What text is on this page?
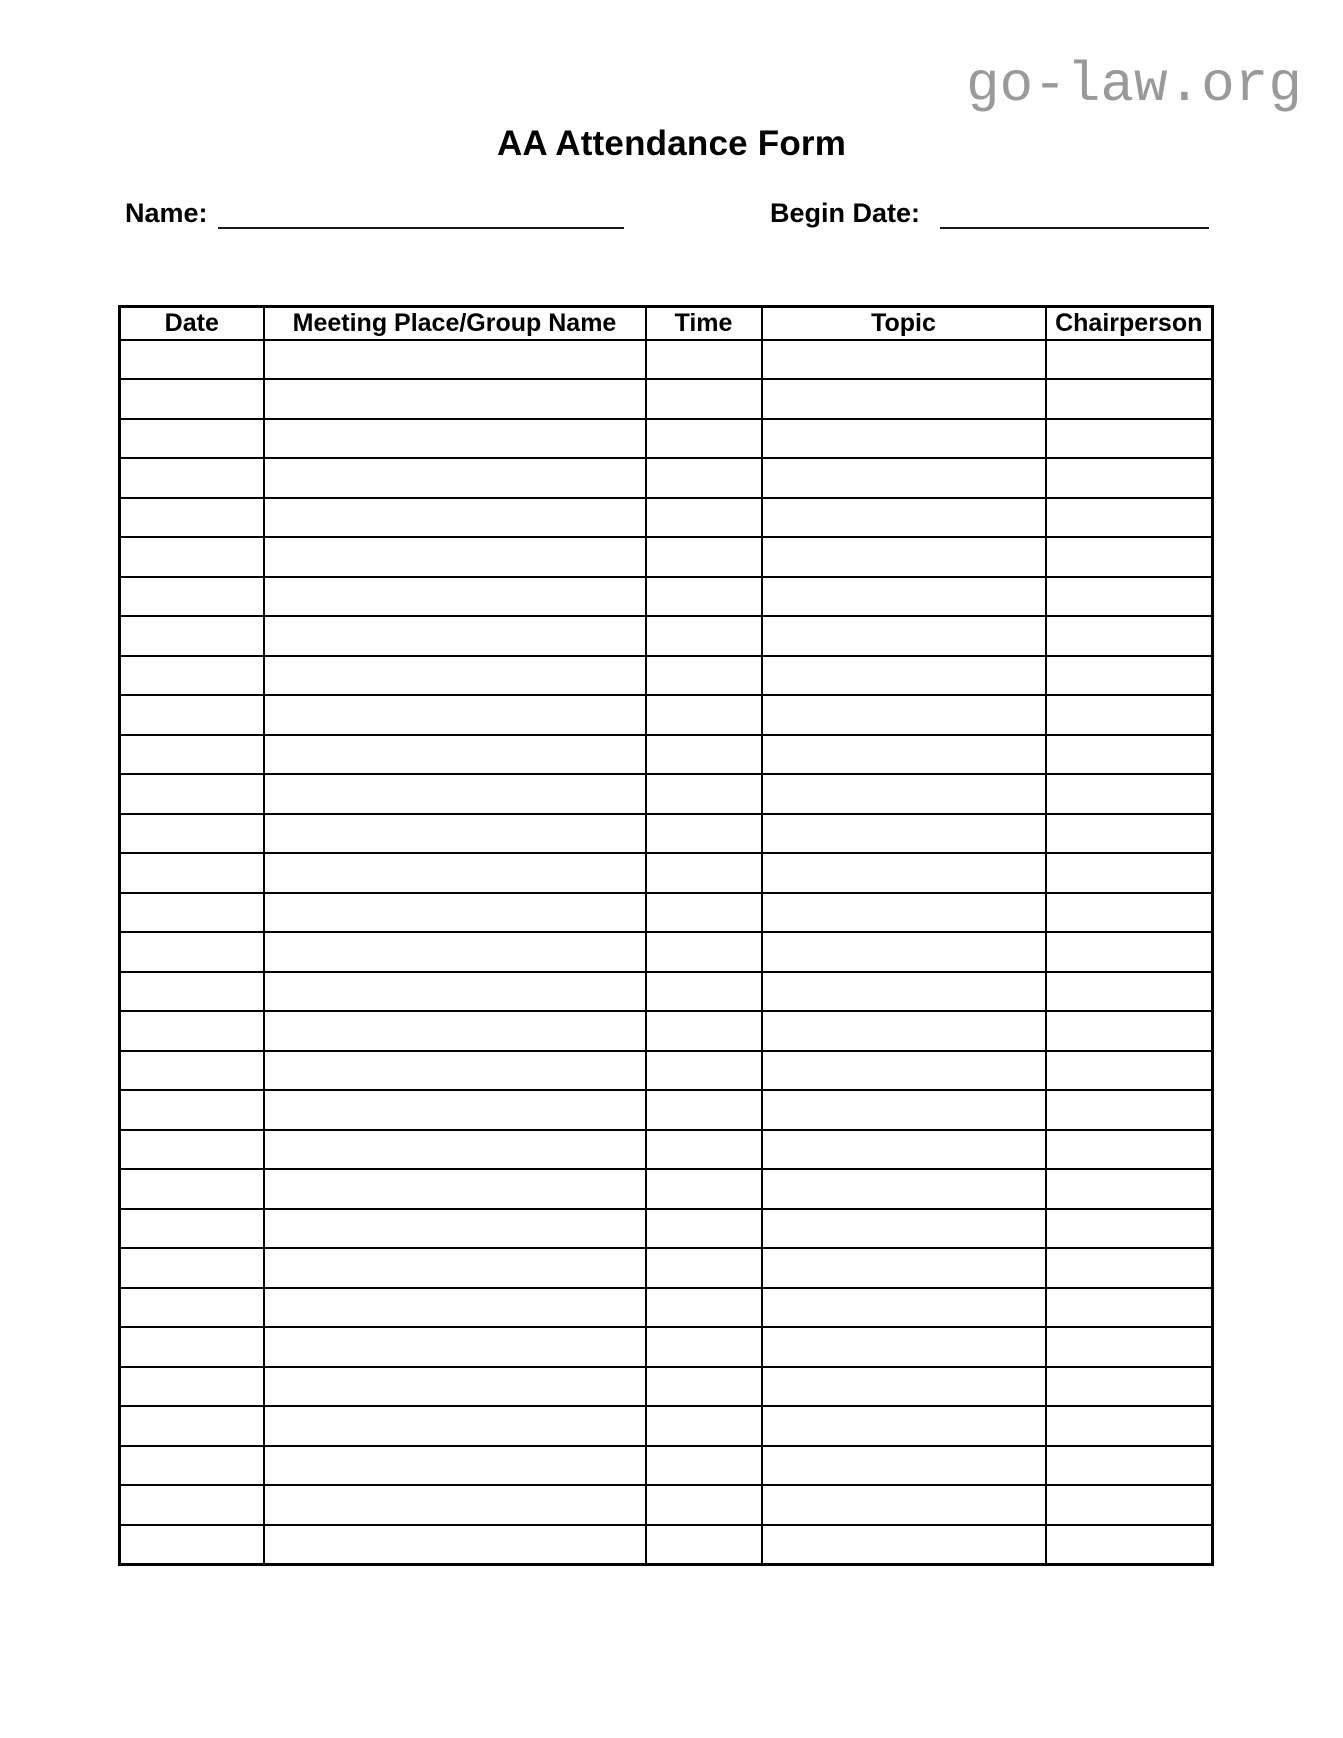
go-law.org
AA Attendance Form
Name:	Begin Date:
Date	Meeting Place/Group Name	Time	Topic	Chairperson
